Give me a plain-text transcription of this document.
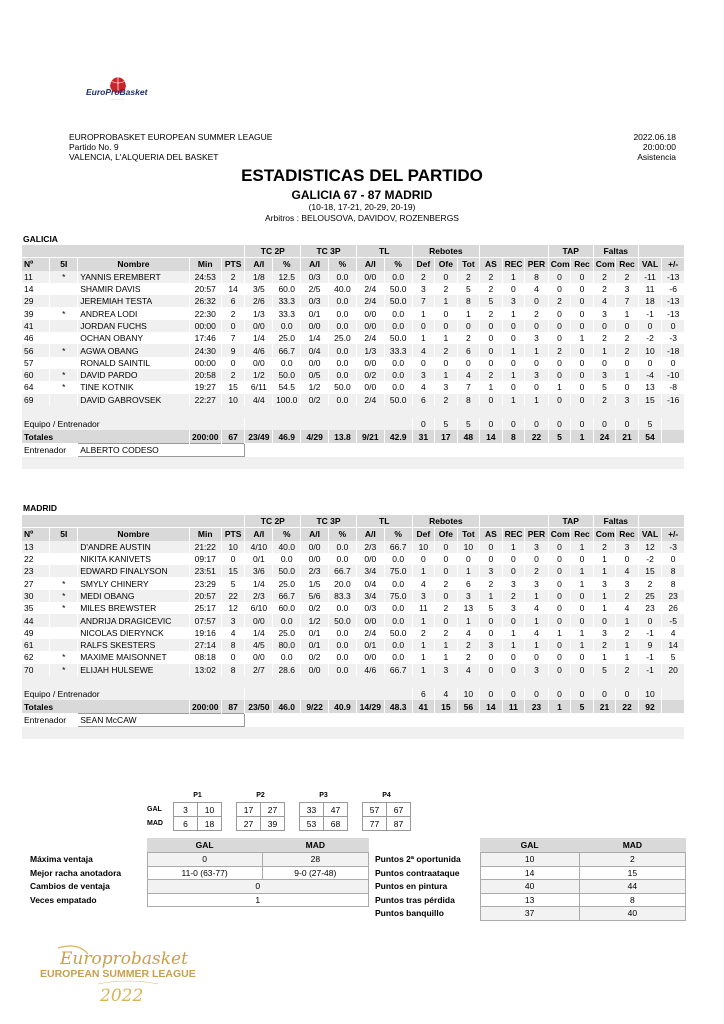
EuroProBasket
· · · · · · ·
EUROPROBASKET EUROPEAN SUMMER LEAGUE
Partido No. 9
VALENCIA, L'ALQUERIA DEL BASKET
2022.06.18
20:00:00
Asistencia
ESTADISTICAS DEL PARTIDO
GALICIA 67 - 87 MADRID
(10-18, 17-21, 20-29, 20-19)
Arbitros : BELOUSOVA, DAVIDOV, ROZENBERGS
GALICIA
					TC 2P		TC 3P		TL		Rebotes						TAP		Faltas			
Nº	5I	Nombre	Min	PTS	A/I	%	A/I	%	A/I	%	Def	Ofe	Tot	AS	REC	PER	Com	Rec	Com	Rec	VAL	+/-
11	*	YANNIS EREMBERT	24:53	2	1/8	12.5	0/3	0.0	0/0	0.0	2	0	2	2	1	8	0	0	2	2	-11	-13
14		SHAMIR DAVIS	20:57	14	3/5	60.0	2/5	40.0	2/4	50.0	3	2	5	2	0	4	0	0	2	3	11	-6
29		JEREMIAH TESTA	26:32	6	2/6	33.3	0/3	0.0	2/4	50.0	7	1	8	5	3	0	2	0	4	7	18	-13
39	*	ANDREA LODI	22:30	2	1/3	33.3	0/1	0.0	0/0	0.0	1	0	1	2	1	2	0	0	3	1	-1	-13
41		JORDAN FUCHS	00:00	0	0/0	0.0	0/0	0.0	0/0	0.0	0	0	0	0	0	0	0	0	0	0	0	0
46		OCHAN OBANY	17:46	7	1/4	25.0	1/4	25.0	2/4	50.0	1	1	2	0	0	3	0	1	2	2	-2	-3
56	*	AGWA OBANG	24:30	9	4/6	66.7	0/4	0.0	1/3	33.3	4	2	6	0	1	1	2	0	1	2	10	-18
57		RONALD SAINTIL	00:00	0	0/0	0.0	0/0	0.0	0/0	0.0	0	0	0	0	0	0	0	0	0	0	0	0
60	*	DAVID PARDO	20:58	2	1/2	50.0	0/5	0.0	0/2	0.0	3	1	4	2	1	3	0	0	3	1	-4	-10
64	*	TINE KOTNIK	19:27	15	6/11	54.5	1/2	50.0	0/0	0.0	4	3	7	1	0	0	1	0	5	0	13	-8
69		DAVID GABROVSEK	22:27	10	4/4	100.0	0/2	0.0	2/4	50.0	6	2	8	0	1	1	0	0	2	3	15	-16

Equipo / Entrenador											0	5	5	0	0	0	0	0	0	0	5	
Totales			200:00	67	23/49	46.9	4/29	13.8	9/21	42.9	31	17	48	14	8	22	5	1	24	21	54	
Entrenador		ALBERTO CODESO																				

MADRID
					TC 2P		TC 3P		TL		Rebotes						TAP		Faltas			
Nº	5I	Nombre	Min	PTS	A/I	%	A/I	%	A/I	%	Def	Ofe	Tot	AS	REC	PER	Com	Rec	Com	Rec	VAL	+/-
13		D'ANDRE AUSTIN	21:22	10	4/10	40.0	0/0	0.0	2/3	66.7	10	0	10	0	1	3	0	1	2	3	12	-3
22		NIKITA KANIVETS	09:17	0	0/1	0.0	0/0	0.0	0/0	0.0	0	0	0	0	0	0	0	0	1	0	-2	0
23		EDWARD FINALYSON	23:51	15	3/6	50.0	2/3	66.7	3/4	75.0	1	0	1	3	0	2	0	1	1	4	15	8
27	*	SMYLY CHINERY	23:29	5	1/4	25.0	1/5	20.0	0/4	0.0	4	2	6	2	3	3	0	1	3	3	2	8
30	*	MEDI OBANG	20:57	22	2/3	66.7	5/6	83.3	3/4	75.0	3	0	3	1	2	1	0	0	1	2	25	23
35	*	MILES BREWSTER	25:17	12	6/10	60.0	0/2	0.0	0/3	0.0	11	2	13	5	3	4	0	0	1	4	23	26
44		ANDRIJA DRAGICEVIC	07:57	3	0/0	0.0	1/2	50.0	0/0	0.0	1	0	1	0	0	1	0	0	0	1	0	-5
49		NICOLAS DIERYNCK	19:16	4	1/4	25.0	0/1	0.0	2/4	50.0	2	2	4	0	1	4	1	1	3	2	-1	4
61		RALFS SKESTERS	27:14	8	4/5	80.0	0/1	0.0	0/1	0.0	1	1	2	3	1	1	0	1	2	1	9	14
62	*	MAXIME MAISONNET	08:18	0	0/0	0.0	0/2	0.0	0/0	0.0	1	1	2	0	0	0	0	0	1	1	-1	5
70	*	ELIJAH HULSEWE	13:02	8	2/7	28.6	0/0	0.0	4/6	66.7	1	3	4	0	0	3	0	0	5	2	-1	20

Equipo / Entrenador											6	4	10	0	0	0	0	0	0	0	10	
Totales			200:00	87	23/50	46.0	9/22	40.9	14/29	48.3	41	15	56	14	11	23	1	5	21	22	92	
Entrenador		SEAN McCAW																				

	P1			P2			P3			P4	
GAL	3	10		17	27		33	47		57	67
MAD	6	18		27	39		53	68		77	87
	GAL	MAD
Máxima ventaja	0	28
Mejor racha anotadora	11-0 (63-77)	9-0 (27-48)
Cambios de ventaja	0	
Veces empatado	1	
	GAL	MAD
Puntos 2ª oportunida	10	2
Puntos contraataque	14	15
Puntos en pintura	40	44
Puntos tras pérdida	13	8
Puntos banquillo	37	40
Europrobasket
EUROPEAN SUMMER LEAGUE
2022
